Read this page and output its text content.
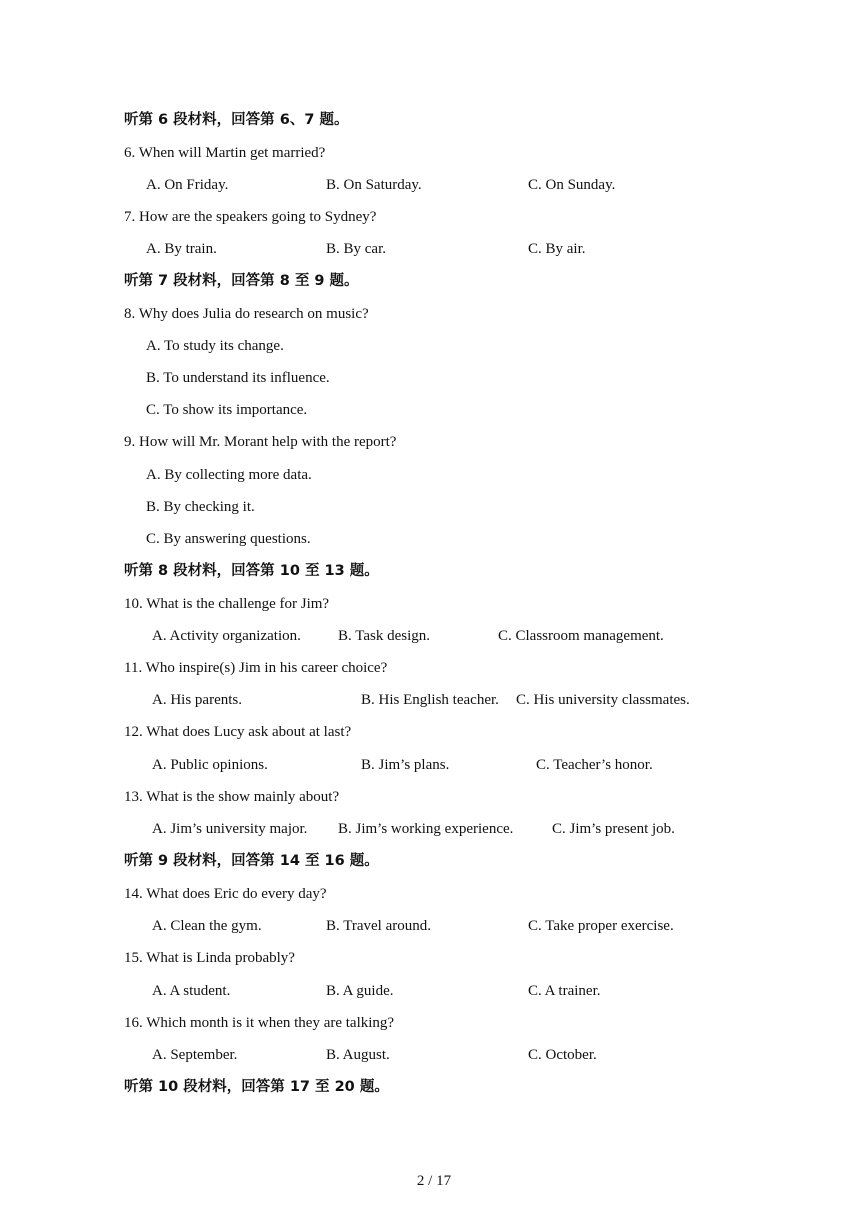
听第 6 段材料，回答第 6、7 题。
6. When will Martin get married?
A. On Friday.	B. On Saturday.	C. On Sunday.
7. How are the speakers going to Sydney?
A. By train.	B. By car.	C. By air.
听第 7 段材料，回答第 8 至 9 题。
8. Why does Julia do research on music?
A. To study its change.
B. To understand its influence.
C. To show its importance.
9. How will Mr. Morant help with the report?
A. By collecting more data.
B. By checking it.
C. By answering questions.
听第 8 段材料，回答第 10 至 13 题。
10. What is the challenge for Jim?
A. Activity organization. B. Task design.	C. Classroom management.
11. Who inspire(s) Jim in his career choice?
A. His parents.	B. His English teacher. C. His university classmates.
12. What does Lucy ask about at last?
A. Public opinions.	B. Jim’s plans.	C. Teacher’s honor.
13. What is the show mainly about?
A. Jim’s university major. B. Jim’s working experience.	C. Jim’s present job.
听第 9 段材料，回答第 14 至 16 题。
14. What does Eric do every day?
A. Clean the gym.	B. Travel around.	C. Take proper exercise.
15. What is Linda probably?
A. A student.	B. A guide.	C. A trainer.
16. Which month is it when they are talking?
A. September.	B. August.	C. October.
听第 10 段材料，回答第 17 至 20 题。
2 / 17
